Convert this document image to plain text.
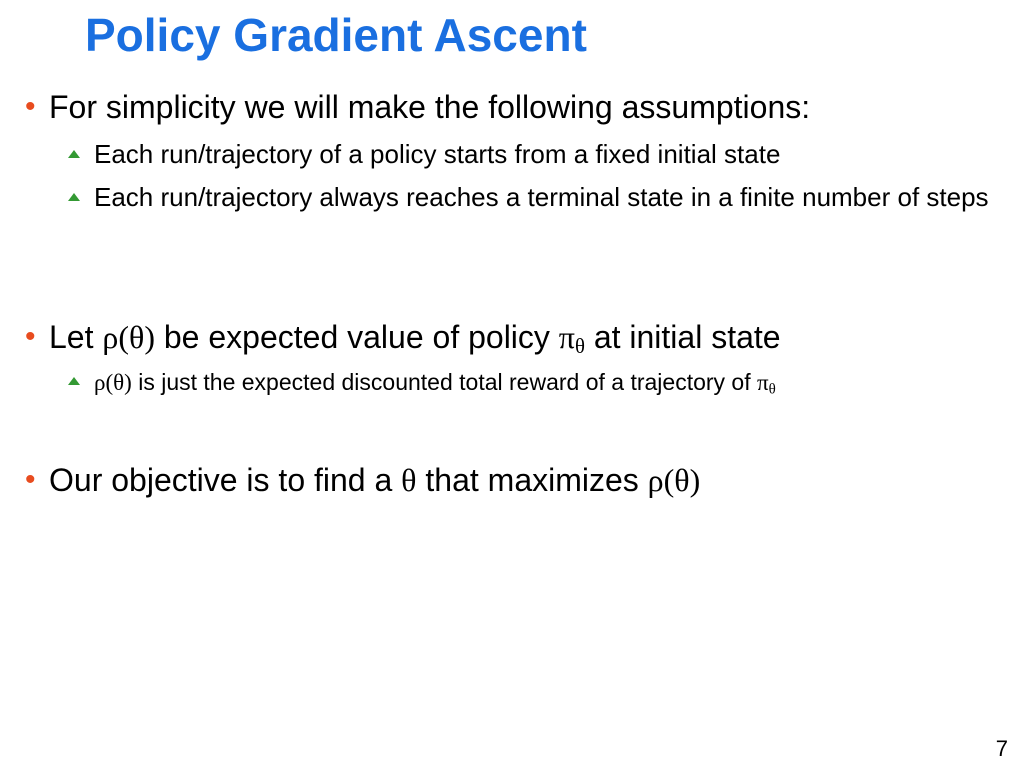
Policy Gradient Ascent
• For simplicity we will make the following assumptions:
Each run/trajectory of a policy starts from a fixed initial state
Each run/trajectory always reaches a terminal state in a finite number of steps
• Let ρ(θ) be expected value of policy $\pi_\theta$ at initial state
ρ(θ) is just the expected discounted total reward of a trajectory of $\pi_\theta$
• Our objective is to find a θ that maximizes ρ(θ)
7
